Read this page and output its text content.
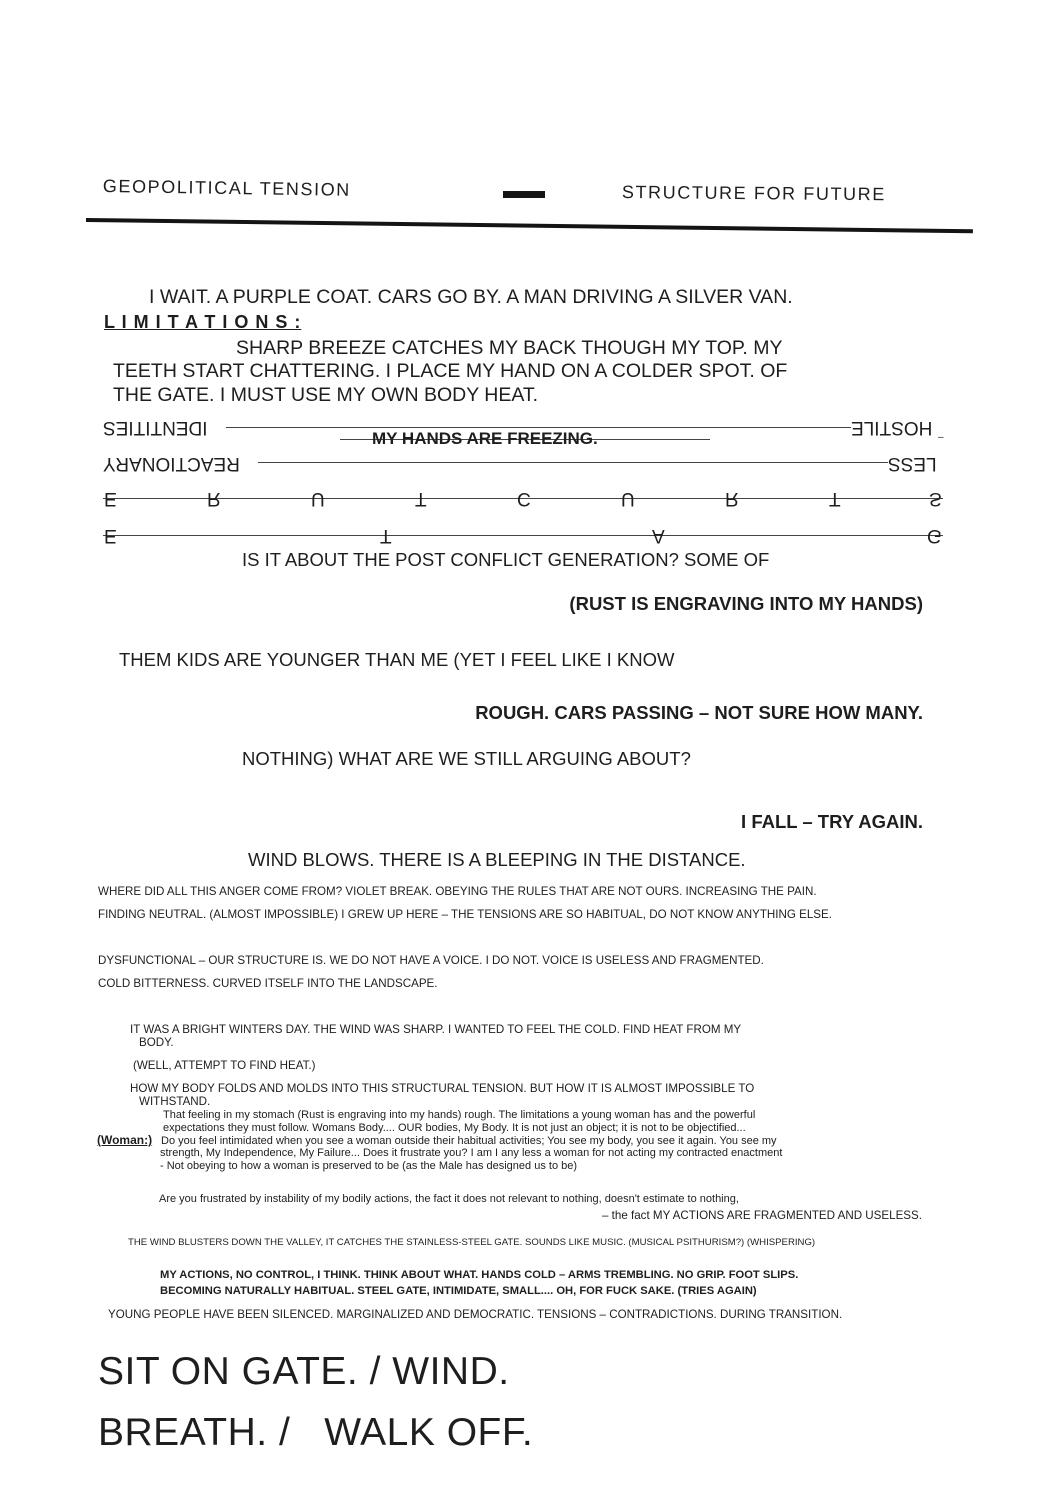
GEOPOLITICAL TENSION	STRUCTURE FOR FUTURE
I WAIT. A PURPLE COAT. CARS GO BY. A MAN DRIVING A SILVER VAN.
L I M I T A T I O N S :
SHARP BREEZE CATCHES MY BACK THOUGH MY TOP. MY
TEETH START CHATTERING. I PLACE MY HAND ON A COLDER SPOT. OF
THE GATE. I MUST USE MY OWN BODY HEAT.
IDENTITIES	HOSTILE –
MY HANDS ARE FREEZING.
REACTIONARY	LESS
E	R	U	T	C	U	R	T	S
E	T	A	G
IS IT ABOUT THE POST CONFLICT GENERATION? SOME OF
(RUST IS ENGRAVING INTO MY HANDS)
THEM KIDS ARE YOUNGER THAN ME (YET I FEEL LIKE I KNOW
ROUGH. CARS PASSING – NOT SURE HOW MANY.
NOTHING) WHAT ARE WE STILL ARGUING ABOUT?
I FALL – TRY AGAIN.
WIND BLOWS. THERE IS A BLEEPING IN THE DISTANCE.
WHERE DID ALL THIS ANGER COME FROM? VIOLET BREAK. OBEYING THE RULES THAT ARE NOT OURS. INCREASING THE PAIN.
FINDING NEUTRAL. (ALMOST IMPOSSIBLE) I GREW UP HERE – THE TENSIONS ARE SO HABITUAL, DO NOT KNOW ANYTHING ELSE.
DYSFUNCTIONAL – OUR STRUCTURE IS. WE DO NOT HAVE A VOICE. I DO NOT. VOICE IS USELESS AND FRAGMENTED.
COLD BITTERNESS. CURVED ITSELF INTO THE LANDSCAPE.
IT WAS A BRIGHT WINTERS DAY. THE WIND WAS SHARP. I WANTED TO FEEL THE COLD. FIND HEAT FROM MY
BODY.
(WELL, ATTEMPT TO FIND HEAT.)
HOW MY BODY FOLDS AND MOLDS INTO THIS STRUCTURAL TENSION. BUT HOW IT IS ALMOST IMPOSSIBLE TO
WITHSTAND.
(Woman:)
That feeling in my stomach (Rust is engraving into my hands) rough. The limitations a young woman has and the powerful
expectations they must follow. Womans Body.... OUR bodies, My Body. It is not just an object; it is not to be objectified...
Do you feel intimidated when you see a woman outside their habitual activities; You see my body, you see it again. You see my
strength, My Independence, My Failure... Does it frustrate you? I am I any less a woman for not acting my contracted enactment
- Not obeying to how a woman is preserved to be (as the Male has designed us to be)
Are you frustrated by instability of my bodily actions, the fact it does not relevant to nothing, doesn't estimate to nothing,
– the fact MY ACTIONS ARE FRAGMENTED AND USELESS.
THE WIND BLUSTERS DOWN THE VALLEY, IT CATCHES THE STAINLESS-STEEL GATE. SOUNDS LIKE MUSIC. (MUSICAL PSITHURISM?) (WHISPERING)
MY ACTIONS, NO CONTROL, I THINK. THINK ABOUT WHAT. HANDS COLD – ARMS TREMBLING. NO GRIP. FOOT SLIPS.
BECOMING NATURALLY HABITUAL. STEEL GATE, INTIMIDATE, SMALL.... OH, FOR FUCK SAKE. (TRIES AGAIN)
YOUNG PEOPLE HAVE BEEN SILENCED. MARGINALIZED AND DEMOCRATIC. TENSIONS – CONTRADICTIONS. DURING TRANSITION.
SIT ON GATE. / WIND.
BREATH. /   WALK OFF.
